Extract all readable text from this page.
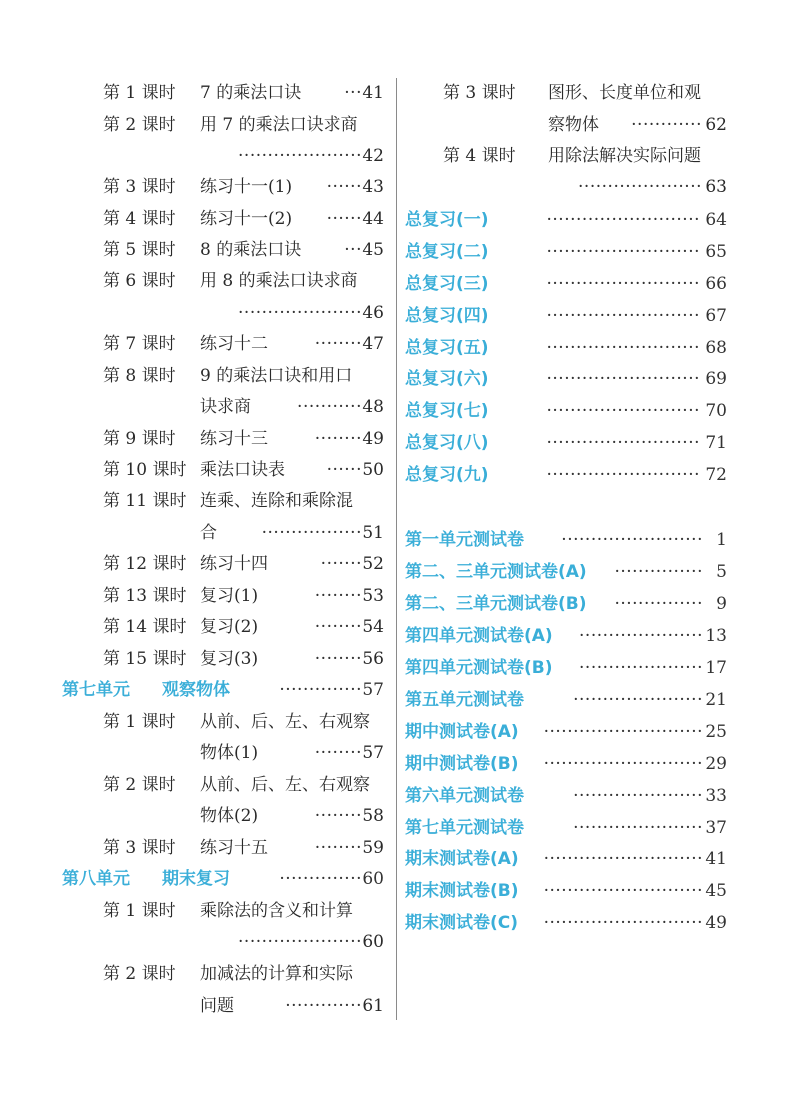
第 1 课时 7 的乘法口诀	··· 41
第 2 课时 用 7 的乘法口诀求商
····················· 42
第 3 课时 练习十一(1) ······ 43
第 4 课时 练习十一(2) ······ 44
第 5 课时 8 的乘法口诀	··· 45
第 6 课时 用 8 的乘法口诀求商
····················· 46
第 7 课时 练习十二	········ 47
第 8 课时 9 的乘法口诀和用口
诀求商	··········· 48
第 9 课时 练习十三	········ 49
第 10 课时 乘法口诀表 ······ 50
第 11 课时 连乘、连除和乘除混
合	················· 51
第 12 课时 练习十四	······· 52
第 13 课时 复习(1)	········ 53
第 14 课时 复习(2)	········ 54
第 15 课时 复习(3)	········ 56
第七单元 观察物体	·············· 57
第 1 课时 从前、后、左、右观察
物体(1)	········ 57
第 2 课时 从前、后、左、右观察
物体(2)	········ 58
第 3 课时 练习十五	········ 59
第八单元 期末复习	·············· 60
第 1 课时 乘除法的含义和计算
····················· 60
第 2 课时 加减法的计算和实际
问题	············· 61
第 3 课时 图形、长度单位和观
察物体 ············ 62
第 4 课时 用除法解决实际问题
····················· 63
总复习(一)	·························· 64
总复习(二)	·························· 65
总复习(三)	·························· 66
总复习(四)	·························· 67
总复习(五)	·························· 68
总复习(六)	·························· 69
总复习(七)	·························· 70
总复习(八)	·························· 71
总复习(九)	·························· 72
第一单元测试卷 ························ 1
第二、三单元测试卷(A) ··············· 5
第二、三单元测试卷(B) ··············· 9
第四单元测试卷(A) ····················· 13
第四单元测试卷(B) ····················· 17
第五单元测试卷	······················ 21
期中测试卷(A) ··························· 25
期中测试卷(B) ··························· 29
第六单元测试卷	······················ 33
第七单元测试卷	······················ 37
期末测试卷(A) ··························· 41
期末测试卷(B) ··························· 45
期末测试卷(C) ··························· 49
